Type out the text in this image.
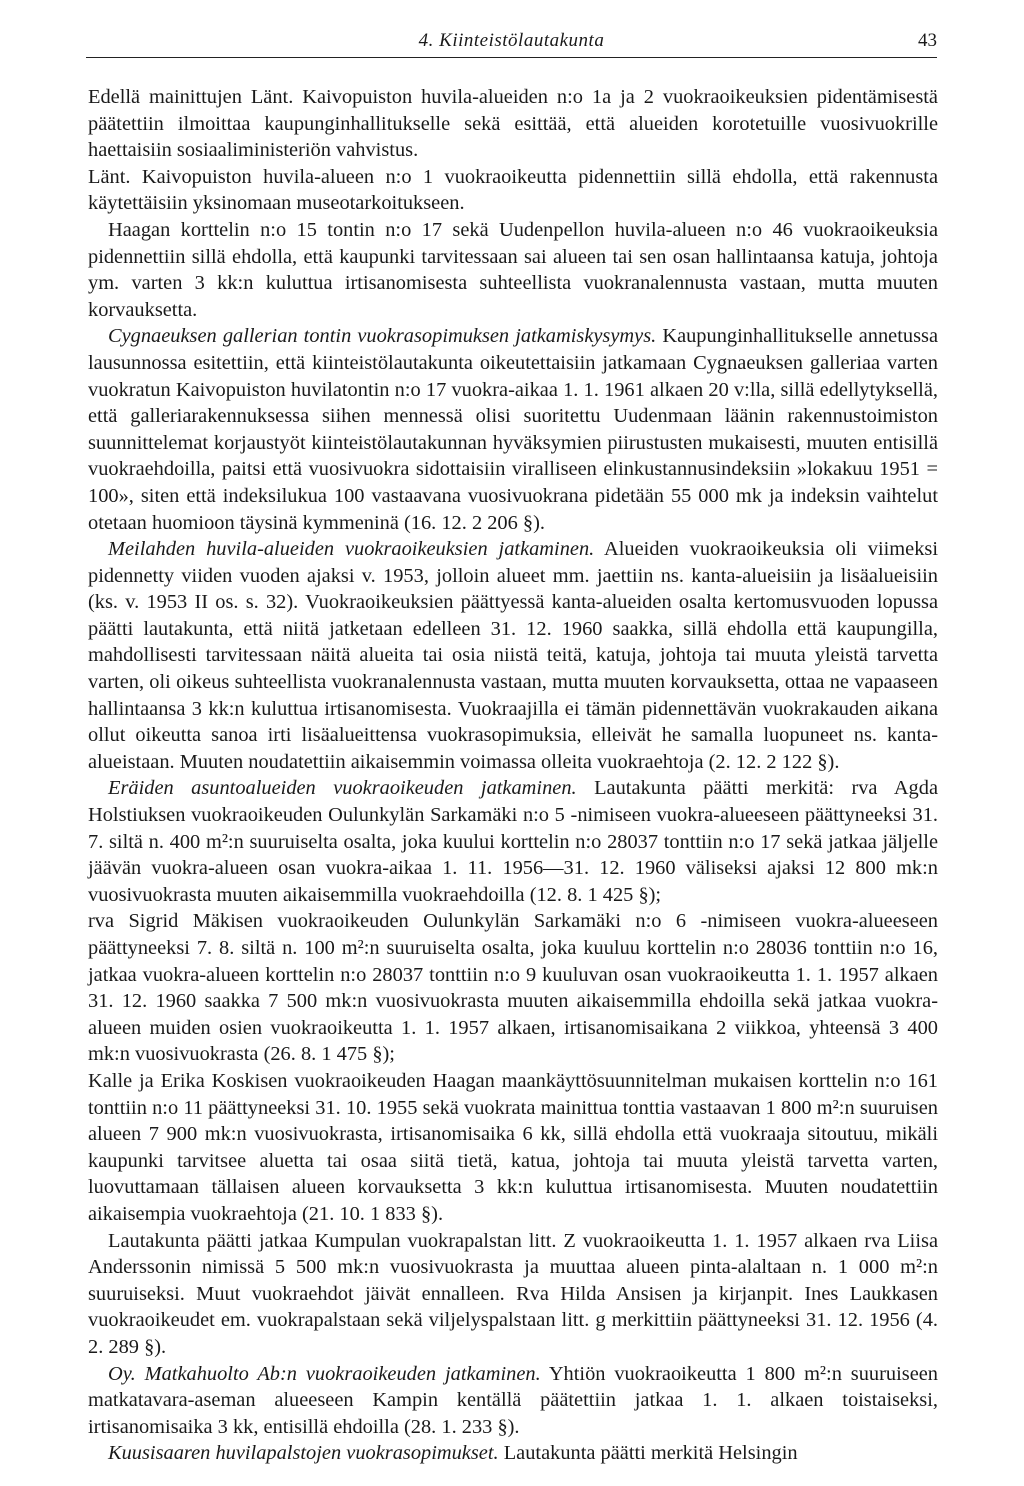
4. Kiinteistölautakunta	43

Edellä mainittujen Länt. Kaivopuiston huvila-alueiden n:o 1a ja 2 vuokraoikeuksien pidentämisestä päätettiin ilmoittaa kaupunginhallitukselle sekä esittää, että alueiden korotetuille vuosivuokrille haettaisiin sosiaaliministeriön vahvistus.

Länt. Kaivopuiston huvila-alueen n:o 1 vuokraoikeutta pidennettiin sillä ehdolla, että rakennusta käytettäisiin yksinomaan museotarkoitukseen.

Haagan korttelin n:o 15 tontin n:o 17 sekä Uudenpellon huvila-alueen n:o 46 vuokraoikeuksia pidennettiin sillä ehdolla, että kaupunki tarvitessaan sai alueen tai sen osan hallintaansa katuja, johtoja ym. varten 3 kk:n kuluttua irtisanomisesta suhteellista vuokranalennusta vastaan, mutta muuten korvauksetta.

Cygnaeuksen gallerian tontin vuokrasopimuksen jatkamiskysymys. Kaupunginhallitukselle annetussa lausunnossa esitettiin, että kiinteistölautakunta oikeutettaisiin jatkamaan Cygnaeuksen galleriaa varten vuokratun Kaivopuiston huvilatontin n:o 17 vuokra-aikaa 1. 1. 1961 alkaen 20 v:lla, sillä edellytyksellä, että galleriarakennuksessa siihen mennessä olisi suoritettu Uudenmaan läänin rakennustoimiston suunnittelemat korjaustyöt kiinteistölautakunnan hyväksymien piirustusten mukaisesti, muuten entisillä vuokraehdoilla, paitsi että vuosivuokra sidottaisiin viralliseen elinkustannusindeksiin »lokakuu 1951 = 100», siten että indeksilukua 100 vastaavana vuosivuokrana pidetään 55 000 mk ja indeksin vaihtelut otetaan huomioon täysinä kymmeninä (16. 12. 2 206 §).

Meilahden huvila-alueiden vuokraoikeuksien jatkaminen. Alueiden vuokraoikeuksia oli viimeksi pidennetty viiden vuoden ajaksi v. 1953, jolloin alueet mm. jaettiin ns. kanta-alueisiin ja lisäalueisiin (ks. v. 1953 II os. s. 32). Vuokraoikeuksien päättyessä kanta-alueiden osalta kertomusvuoden lopussa päätti lautakunta, että niitä jatketaan edelleen 31. 12. 1960 saakka, sillä ehdolla että kaupungilla, mahdollisesti tarvitessaan näitä alueita tai osia niistä teitä, katuja, johtoja tai muuta yleistä tarvetta varten, oli oikeus suhteellista vuokranalennusta vastaan, mutta muuten korvauksetta, ottaa ne vapaaseen hallintaansa 3 kk:n kuluttua irtisanomisesta. Vuokraajilla ei tämän pidennettävän vuokrakauden aikana ollut oikeutta sanoa irti lisäalueittensa vuokrasopimuksia, elleivät he samalla luopuneet ns. kanta-alueistaan. Muuten noudatettiin aikaisemmin voimassa olleita vuokraehtoja (2. 12. 2 122 §).

Eräiden asuntoalueiden vuokraoikeuden jatkaminen. Lautakunta päätti merkitä: rva Agda Holstiuksen vuokraoikeuden Oulunkylän Sarkamäki n:o 5 -nimiseen vuokra-alueeseen päättyneeksi 31. 7. siltä n. 400 m²:n suuruiselta osalta, joka kuului korttelin n:o 28037 tonttiin n:o 17 sekä jatkaa jäljelle jäävän vuokra-alueen osan vuokra-aikaa 1. 11. 1956—31. 12. 1960 väliseksi ajaksi 12 800 mk:n vuosivuokrasta muuten aikaisemmilla vuokraehdoilla (12. 8. 1 425 §);

rva Sigrid Mäkisen vuokraoikeuden Oulunkylän Sarkamäki n:o 6 -nimiseen vuokra-alueeseen päättyneeksi 7. 8. siltä n. 100 m²:n suuruiselta osalta, joka kuuluu korttelin n:o 28036 tonttiin n:o 16, jatkaa vuokra-alueen korttelin n:o 28037 tonttiin n:o 9 kuuluvan osan vuokraoikeutta 1. 1. 1957 alkaen 31. 12. 1960 saakka 7 500 mk:n vuosivuokrasta muuten aikaisemmilla ehdoilla sekä jatkaa vuokra-alueen muiden osien vuokraoikeutta 1. 1. 1957 alkaen, irtisanomisaikana 2 viikkoa, yhteensä 3 400 mk:n vuosivuokrasta (26. 8. 1 475 §);

Kalle ja Erika Koskisen vuokraoikeuden Haagan maankäyttösuunnitelman mukaisen korttelin n:o 161 tonttiin n:o 11 päättyneeksi 31. 10. 1955 sekä vuokrata mainittua tonttia vastaavan 1 800 m²:n suuruisen alueen 7 900 mk:n vuosivuokrasta, irtisanomisaika 6 kk, sillä ehdolla että vuokraaja sitoutuu, mikäli kaupunki tarvitsee aluetta tai osaa siitä tietä, katua, johtoja tai muuta yleistä tarvetta varten, luovuttamaan tällaisen alueen korvauksetta 3 kk:n kuluttua irtisanomisesta. Muuten noudatettiin aikaisempia vuokraehtoja (21. 10. 1 833 §).

Lautakunta päätti jatkaa Kumpulan vuokrapalstan litt. Z vuokraoikeutta 1. 1. 1957 alkaen rva Liisa Anderssonin nimissä 5 500 mk:n vuosivuokrasta ja muuttaa alueen pinta-alaltaan n. 1 000 m²:n suuruiseksi. Muut vuokraehdot jäivät ennalleen. Rva Hilda Ansisen ja kirjanpit. Ines Laukkasen vuokraoikeudet em. vuokrapalstaan sekä viljelyspalstaan litt. g merkittiin päättyneeksi 31. 12. 1956 (4. 2. 289 §).

Oy. Matkahuolto Ab:n vuokraoikeuden jatkaminen. Yhtiön vuokraoikeutta 1 800 m²:n suuruiseen matkatavara-aseman alueeseen Kampin kentällä päätettiin jatkaa 1. 1. alkaen toistaiseksi, irtisanomisaika 3 kk, entisillä ehdoilla (28. 1. 233 §).

Kuusisaaren huvilapalstojen vuokrasopimukset. Lautakunta päätti merkitä Helsingin
